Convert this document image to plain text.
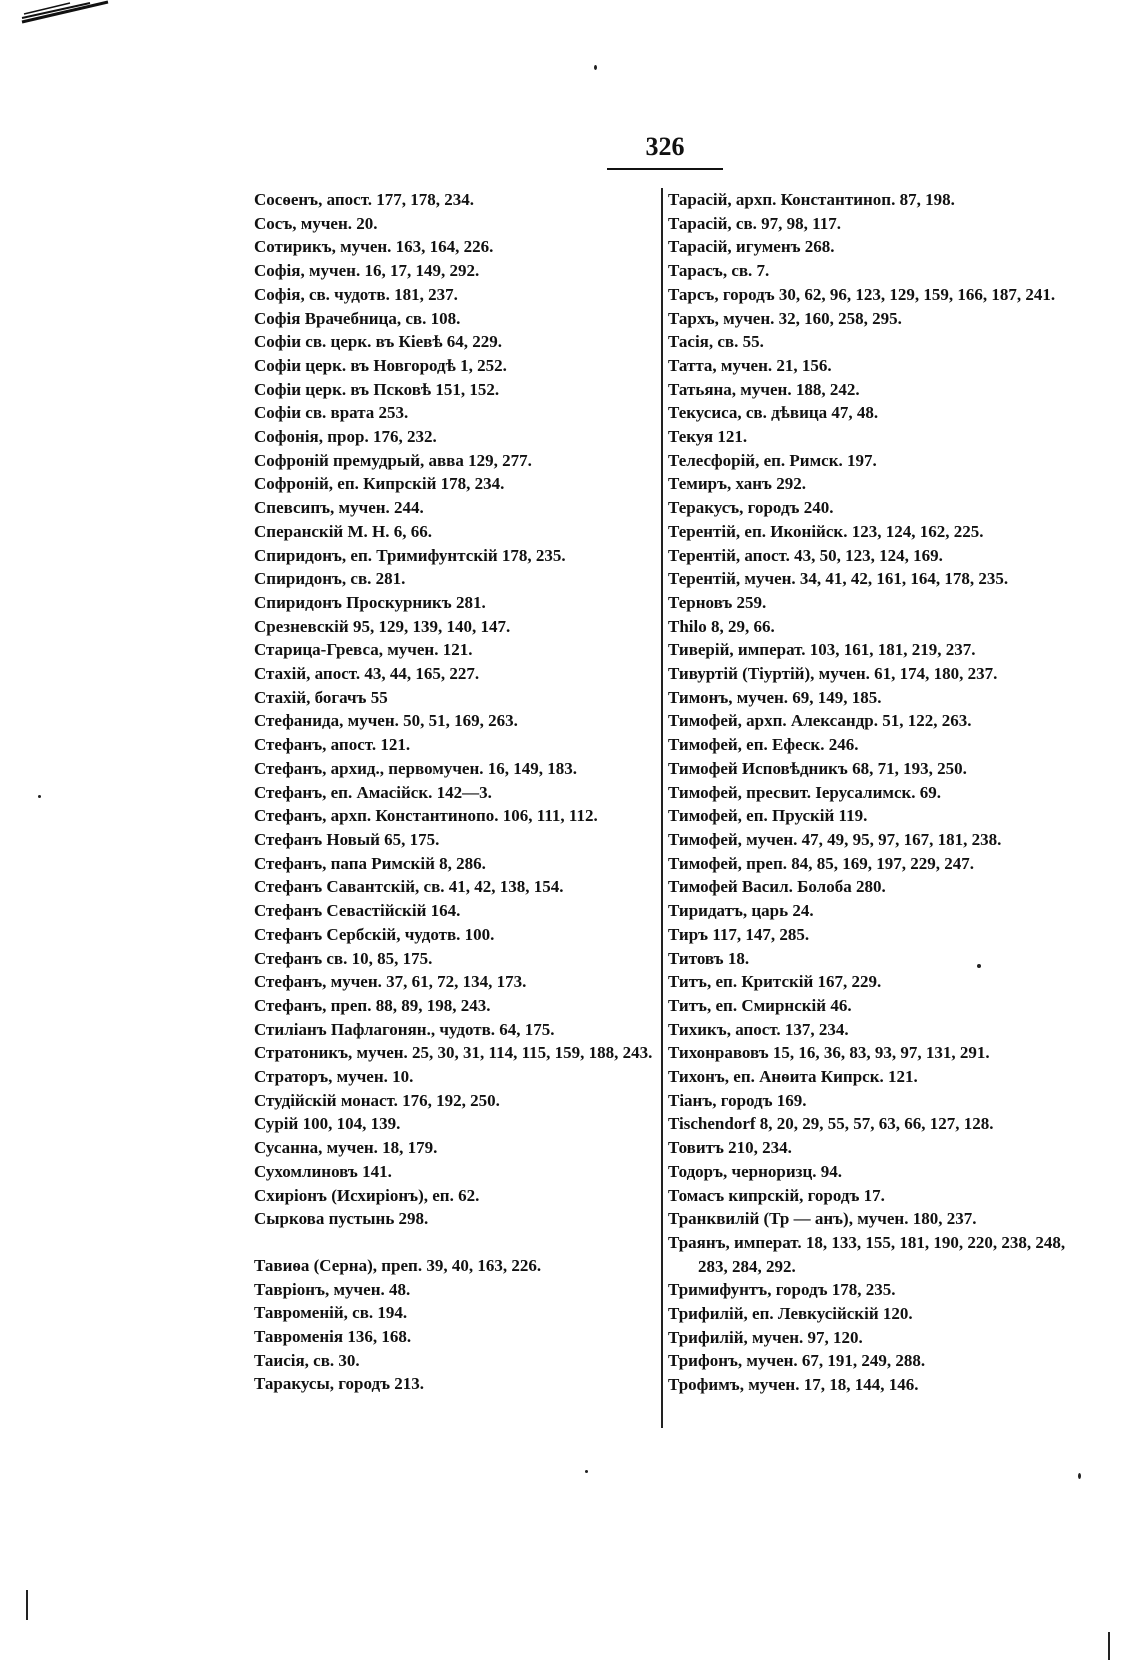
326
Сосѳенъ, апост. 177, 178, 234.
Сосъ, мучен. 20.
Сотирикъ, мучен. 163, 164, 226.
Софія, мучен. 16, 17, 149, 292.
Софія, св. чудотв. 181, 237.
Софія Врачебница, св. 108.
Софіи св. церк. въ Кіевѣ 64, 229.
Софіи церк. въ Новгородѣ 1, 252.
Софіи церк. въ Псковѣ 151, 152.
Софіи св. врата 253.
Софонія, прор. 176, 232.
Софроній премудрый, авва 129, 277.
Софроній, еп. Кипрскій 178, 234.
Спевсипъ, мучен. 244.
Сперанскій М. Н. 6, 66.
Спиридонъ, еп. Тримифунтскій 178, 235.
Спиридонъ, св. 281.
Спиридонъ Проскурникъ 281.
Срезневскій 95, 129, 139, 140, 147.
Старица-Гревса, мучен. 121.
Стахій, апост. 43, 44, 165, 227.
Стахій, богачъ 55
Стефанида, мучен. 50, 51, 169, 263.
Стефанъ, апост. 121.
Стефанъ, архид., первомучен. 16, 149, 183.
Стефанъ, еп. Амасійск. 142—3.
Стефанъ, архп. Константинопо. 106, 111, 112.
Стефанъ Новый 65, 175.
Стефанъ, папа Римскій 8, 286.
Стефанъ Савантскій, св. 41, 42, 138, 154.
Стефанъ Севастійскій 164.
Стефанъ Сербскій, чудотв. 100.
Стефанъ св. 10, 85, 175.
Стефанъ, мучен. 37, 61, 72, 134, 173.
Стефанъ, преп. 88, 89, 198, 243.
Стиліанъ Пафлагонян., чудотв. 64, 175.
Стратоникъ, мучен. 25, 30, 31, 114, 115, 159, 188, 243.
Страторъ, мучен. 10.
Студійскій монаст. 176, 192, 250.
Сурій 100, 104, 139.
Сусанна, мучен. 18, 179.
Сухомлиновъ 141.
Схиріонъ (Исхиріонъ), еп. 62.
Сыркова пустынь 298.
Тавиѳа (Серна), преп. 39, 40, 163, 226.
Тавріонъ, мучен. 48.
Тавроменій, св. 194.
Тавроменія 136, 168.
Таисія, св. 30.
Таракусы, городъ 213.
Тарасій, архп. Константиноп. 87, 198.
Тарасій, св. 97, 98, 117.
Тарасій, игуменъ 268.
Тарасъ, св. 7.
Тарсъ, городъ 30, 62, 96, 123, 129, 159, 166, 187, 241.
Тархъ, мучен. 32, 160, 258, 295.
Тасія, св. 55.
Татта, мучен. 21, 156.
Татьяна, мучен. 188, 242.
Текусиса, св. дѣвица 47, 48.
Текуя 121.
Телесфорій, еп. Римск. 197.
Темиръ, ханъ 292.
Теракусъ, городъ 240.
Терентій, еп. Иконійск. 123, 124, 162, 225.
Терентій, апост. 43, 50, 123, 124, 169.
Терентій, мучен. 34, 41, 42, 161, 164, 178, 235.
Терновъ 259.
Thilo 8, 29, 66.
Тиверій, императ. 103, 161, 181, 219, 237.
Тивуртій (Тіуртій), мучен. 61, 174, 180, 237.
Тимонъ, мучен. 69, 149, 185.
Тимофей, архп. Александр. 51, 122, 263.
Тимофей, еп. Ефеск. 246.
Тимофей Исповѣдникъ 68, 71, 193, 250.
Тимофей, пресвит. Іерусалимск. 69.
Тимофей, еп. Прускій 119.
Тимофей, мучен. 47, 49, 95, 97, 167, 181, 238.
Тимофей, преп. 84, 85, 169, 197, 229, 247.
Тимофей Васил. Болоба 280.
Тиридатъ, царь 24.
Тиръ 117, 147, 285.
Титовъ 18.
Титъ, еп. Критскій 167, 229.
Титъ, еп. Смирнскій 46.
Тихикъ, апост. 137, 234.
Тихонравовъ 15, 16, 36, 83, 93, 97, 131, 291.
Тихонъ, еп. Анѳита Кипрск. 121.
Тіанъ, городъ 169.
Tischendorf 8, 20, 29, 55, 57, 63, 66, 127, 128.
Товитъ 210, 234.
Тодоръ, черноризц. 94.
Томасъ кипрскій, городъ 17.
Транквилій (Тр — анъ), мучен. 180, 237.
Траянъ, императ. 18, 133, 155, 181, 190, 220, 238, 248, 283, 284, 292.
Тримифунтъ, городъ 178, 235.
Трифилій, еп. Левкусійскій 120.
Трифилій, мучен. 97, 120.
Трифонъ, мучен. 67, 191, 249, 288.
Трофимъ, мучен. 17, 18, 144, 146.
